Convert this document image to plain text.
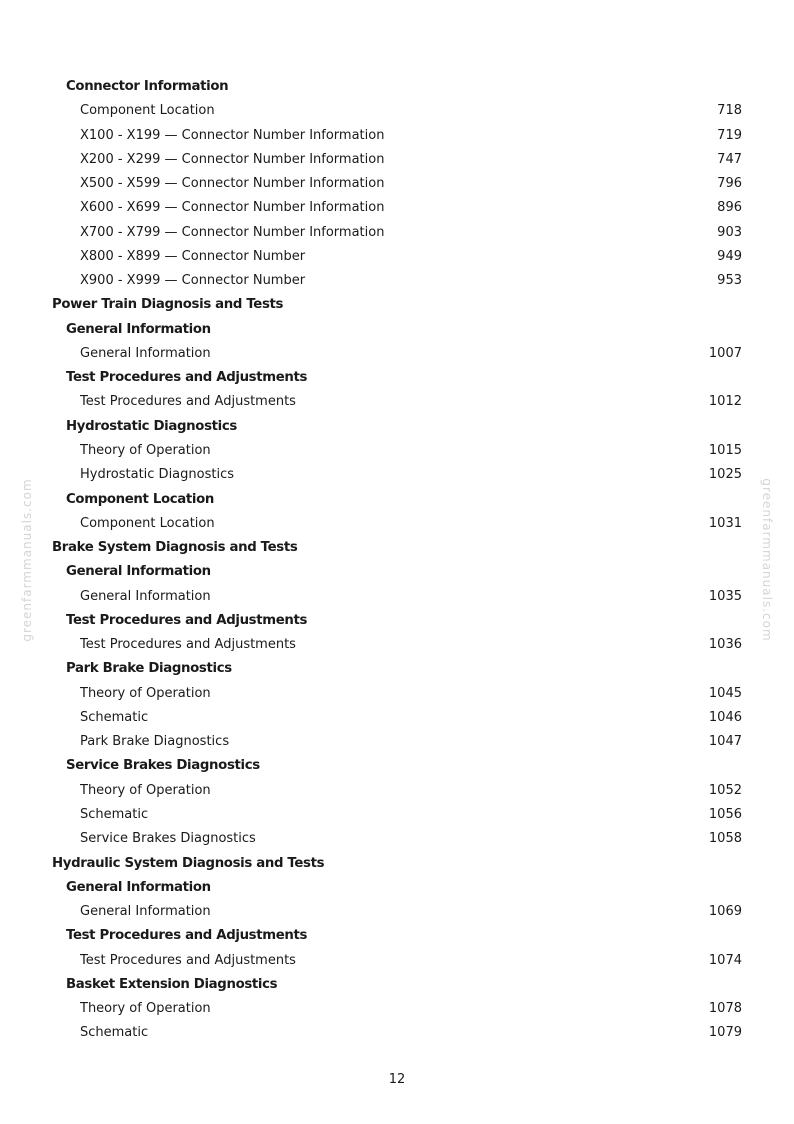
greenfarmmanuals.com	greenfarmmanuals.com
Connector Information
Component Location	718
X100 - X199 — Connector Number Information	719
X200 - X299 — Connector Number Information	747
X500 - X599 — Connector Number Information	796
X600 - X699 — Connector Number Information	896
X700 - X799 — Connector Number Information	903
X800 - X899 — Connector Number	949
X900 - X999 — Connector Number	953
Power Train Diagnosis and Tests
General Information
General Information	1007
Test Procedures and Adjustments
Test Procedures and Adjustments	1012
Hydrostatic Diagnostics
Theory of Operation	1015
Hydrostatic Diagnostics	1025
Component Location
Component Location	1031
Brake System Diagnosis and Tests
General Information
General Information	1035
Test Procedures and Adjustments
Test Procedures and Adjustments	1036
Park Brake Diagnostics
Theory of Operation	1045
Schematic	1046
Park Brake Diagnostics	1047
Service Brakes Diagnostics
Theory of Operation	1052
Schematic	1056
Service Brakes Diagnostics	1058
Hydraulic System Diagnosis and Tests
General Information
General Information	1069
Test Procedures and Adjustments
Test Procedures and Adjustments	1074
Basket Extension Diagnostics
Theory of Operation	1078
Schematic	1079
12
